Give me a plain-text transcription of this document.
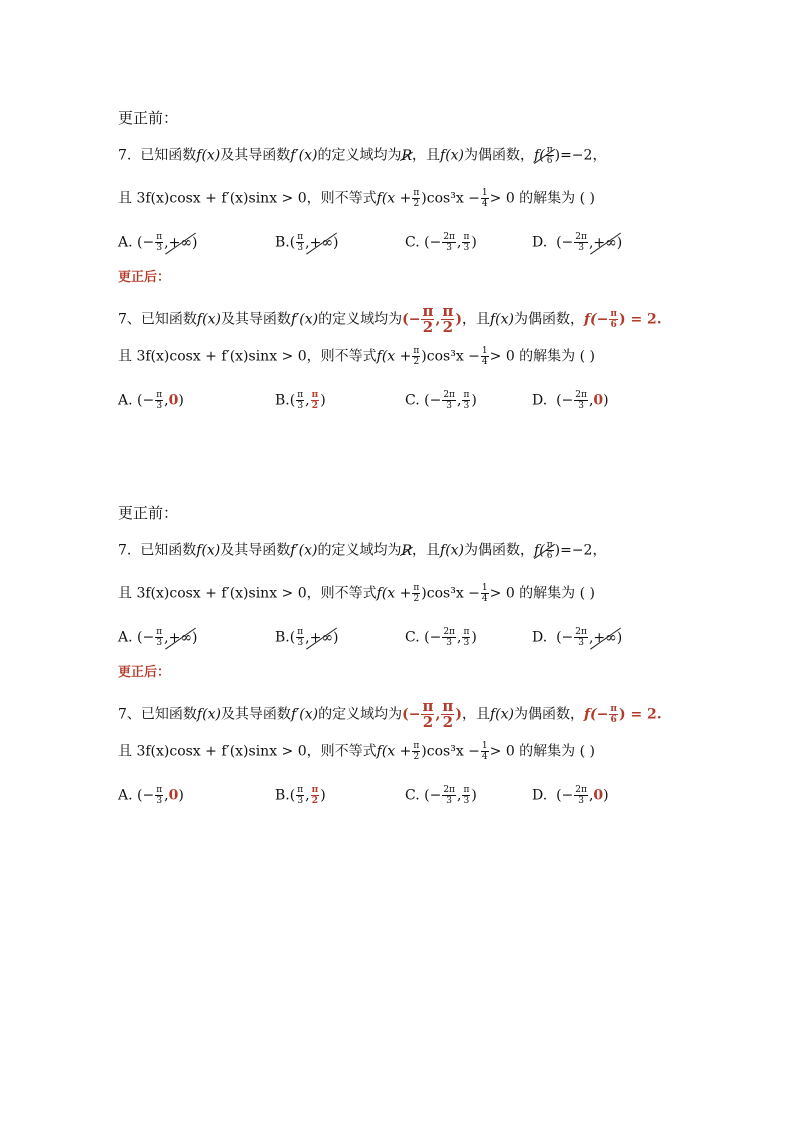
更正前：
7. 已知函数f(x)及其导函数f′(x)的定义域均为R，且f(x)为偶函数，$f( \frac{\pi}{6} )=-2$，
且 3f(x)cosx + f′(x)sinx > 0，则不等式$f(x + \frac{\pi}{2} )\cos^3x - \frac{1}{4} > 0$ 的解集为 ( )
A. (− $\frac{\pi}{3}$ ,+∞)	$B.( \frac{\pi}{3}$ ,+∞)	C. (− $\frac{2\pi}{3}$ , $\frac{\pi}{3}$ )	D. (− $\frac{2\pi}{3}$ ,+∞)
更正后：
7、已知函数f(x)及其导函数f′(x)的定义域均为(− $\frac{\pi}{2}$ , $\frac{\pi}{2}$ )，且f(x)为偶函数，$f(- \frac{\pi}{6}$ ) = 2.
且 3f(x)cosx + f′(x)sinx > 0，则不等式$f(x + \frac{\pi}{2} )\cos^3x - \frac{1}{4} > 0$ 的解集为 ( )
A. (− $\frac{\pi}{3} ,0$)	$B.( \frac{\pi}{3}$ , $\frac{\pi}{2}$ )	C. (− $\frac{2\pi}{3}$ , $\frac{\pi}{3}$ )	D. (− $\frac{2\pi}{3} ,0$)
更正前：
7. 已知函数f(x)及其导函数f′(x)的定义域均为R，且f(x)为偶函数，$f( \frac{\pi}{6} )=-2$，
且 3f(x)cosx + f′(x)sinx > 0，则不等式$f(x + \frac{\pi}{2} )\cos^3x - \frac{1}{4} > 0$ 的解集为 ( )
A. (− $\frac{\pi}{3}$ ,+∞)	$B.( \frac{\pi}{3}$ ,+∞)	C. (− $\frac{2\pi}{3}$ , $\frac{\pi}{3}$ )	D. (− $\frac{2\pi}{3}$ ,+∞)
更正后：
7、已知函数f(x)及其导函数f′(x)的定义域均为(− $\frac{\pi}{2}$ , $\frac{\pi}{2}$ )，且f(x)为偶函数，$f(- \frac{\pi}{6}$ ) = 2.
且 3f(x)cosx + f′(x)sinx > 0，则不等式$f(x + \frac{\pi}{2} )\cos^3x - \frac{1}{4} > 0$ 的解集为 ( )
A. (− $\frac{\pi}{3} ,0$)	$B.( \frac{\pi}{3}$ , $\frac{\pi}{2}$ )	C. (− $\frac{2\pi}{3}$ , $\frac{\pi}{3}$ )	D. (− $\frac{2\pi}{3} ,0$)
